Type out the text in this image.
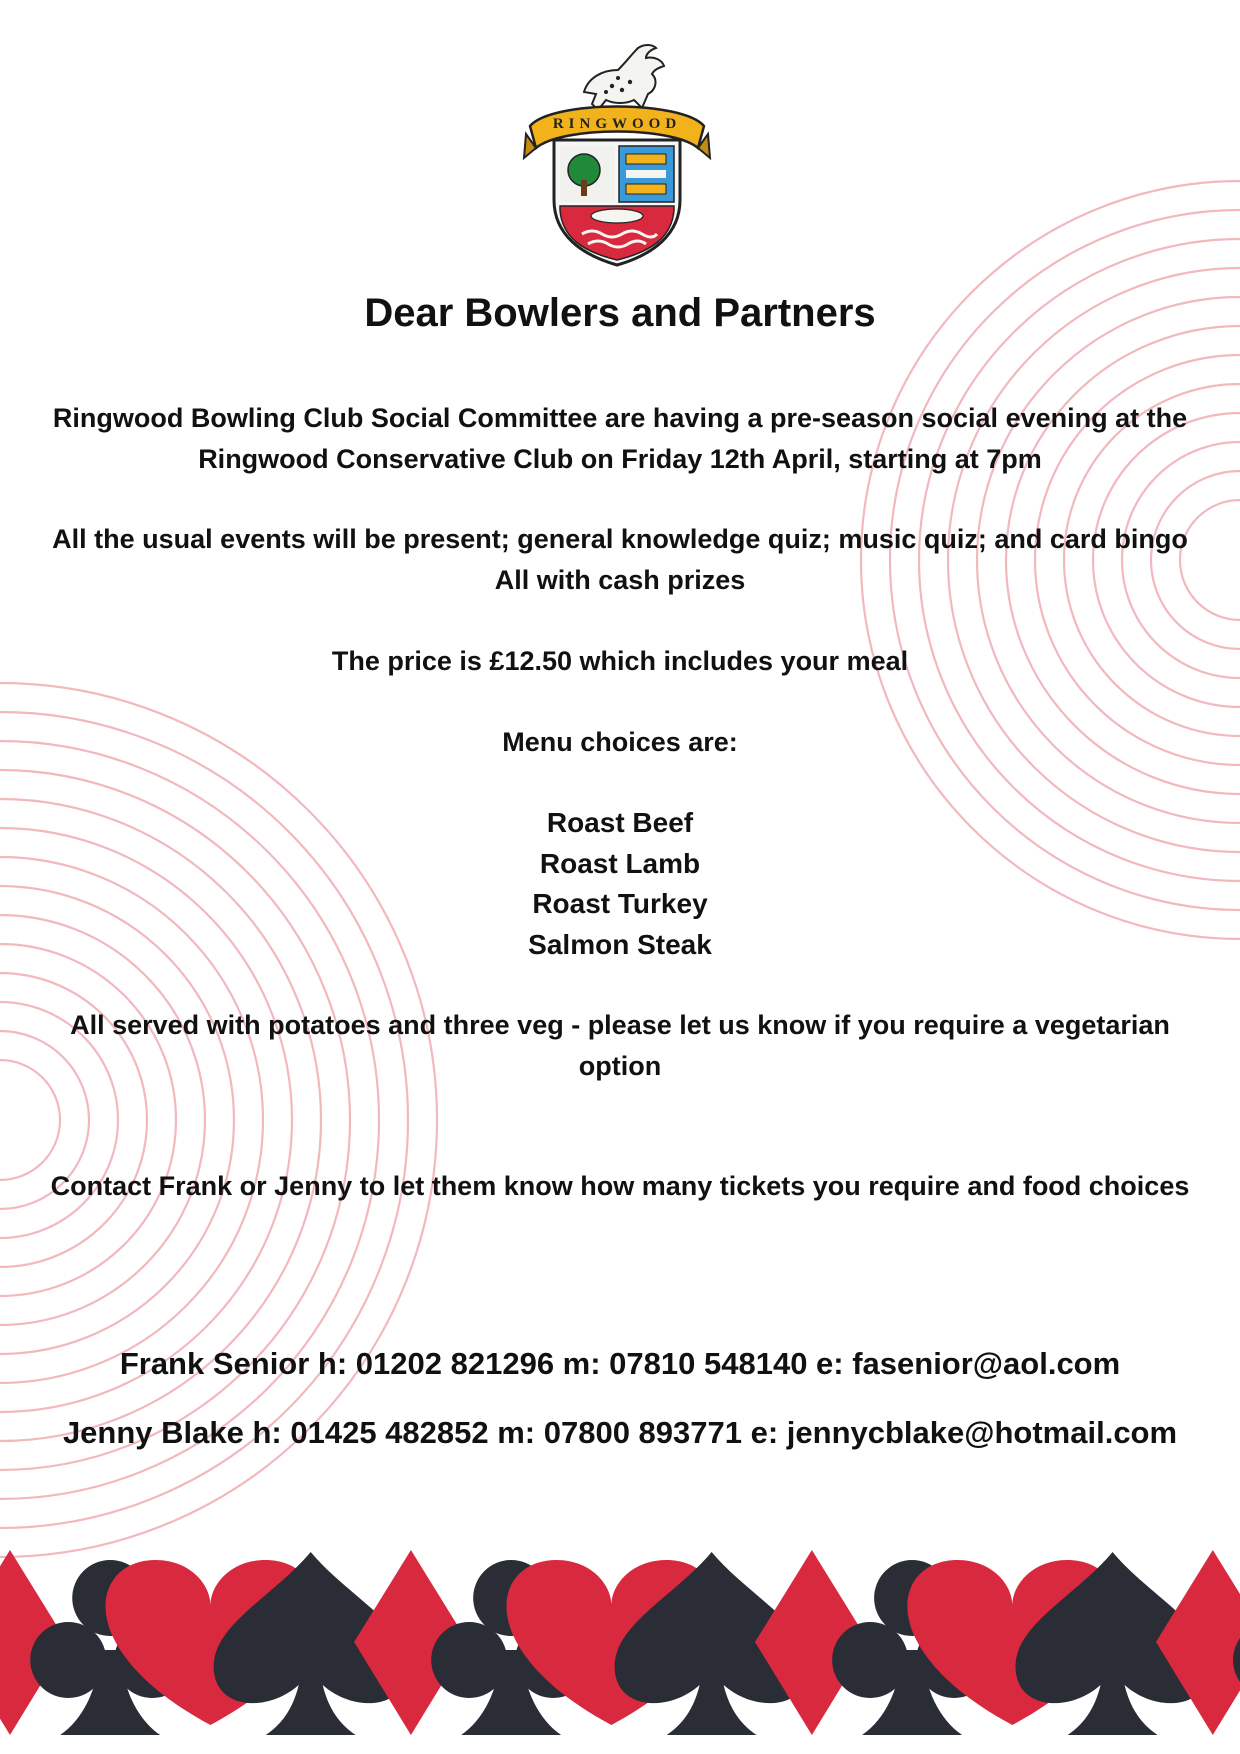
RINGWOOD
Dear Bowlers and Partners
Ringwood Bowling Club Social Committee are having a pre-season social evening at the
Ringwood Conservative Club on Friday 12th April, starting at 7pm
All the usual events will be present; general knowledge quiz; music quiz; and card bingo
All with cash prizes
The price is £12.50 which includes your meal
Menu choices are:
Roast Beef
Roast Lamb
Roast Turkey
Salmon Steak
All served with potatoes and three veg - please let us know if you require a vegetarian
option
Contact Frank or Jenny to let them know how many tickets you require and food choices
Frank Senior h: 01202 821296 m: 07810 548140 e: fasenior@aol.com
Jenny Blake h: 01425 482852 m: 07800 893771 e: jennycblake@hotmail.com
